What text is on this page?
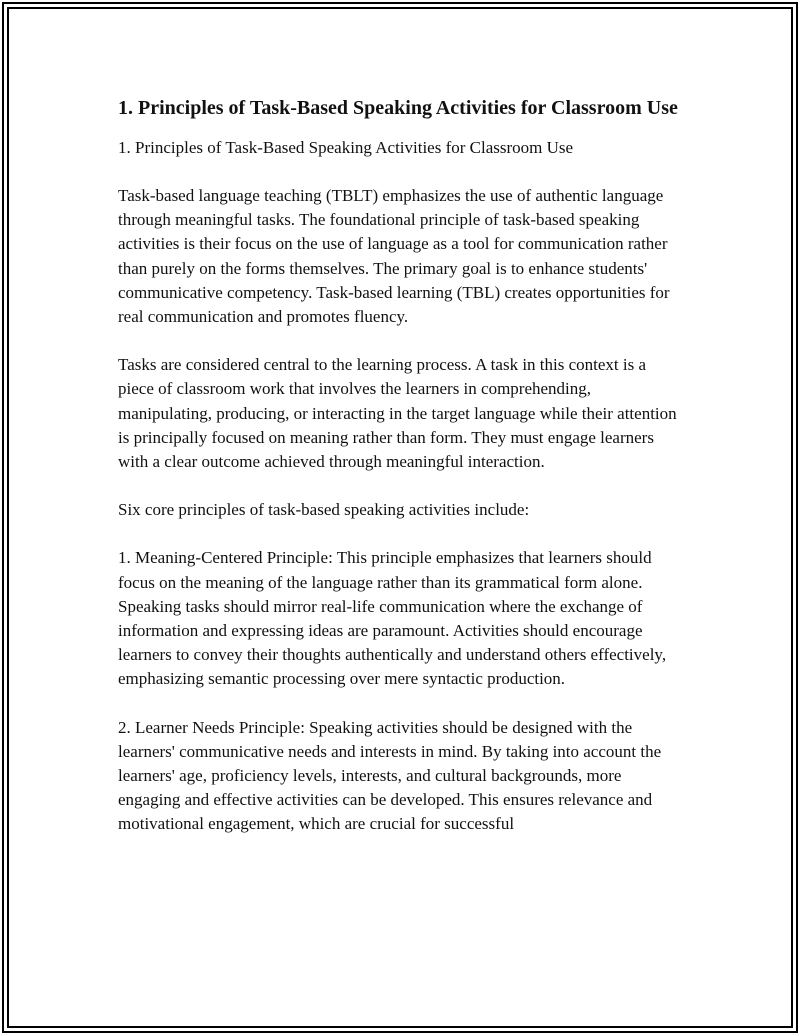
1. Principles of Task-Based Speaking Activities for Classroom Use

1. Principles of Task-Based Speaking Activities for Classroom Use

Task-based language teaching (TBLT) emphasizes the use of authentic language through meaningful tasks. The foundational principle of task-based speaking activities is their focus on the use of language as a tool for communication rather than purely on the forms themselves. The primary goal is to enhance students' communicative competency. Task-based learning (TBL) creates opportunities for real communication and promotes fluency.

Tasks are considered central to the learning process. A task in this context is a piece of classroom work that involves the learners in comprehending, manipulating, producing, or interacting in the target language while their attention is principally focused on meaning rather than form. They must engage learners with a clear outcome achieved through meaningful interaction.

Six core principles of task-based speaking activities include:

1. Meaning-Centered Principle: This principle emphasizes that learners should focus on the meaning of the language rather than its grammatical form alone. Speaking tasks should mirror real-life communication where the exchange of information and expressing ideas are paramount. Activities should encourage learners to convey their thoughts authentically and understand others effectively, emphasizing semantic processing over mere syntactic production.

2. Learner Needs Principle: Speaking activities should be designed with the learners' communicative needs and interests in mind. By taking into account the learners' age, proficiency levels, interests, and cultural backgrounds, more engaging and effective activities can be developed. This ensures relevance and motivational engagement, which are crucial for successful
